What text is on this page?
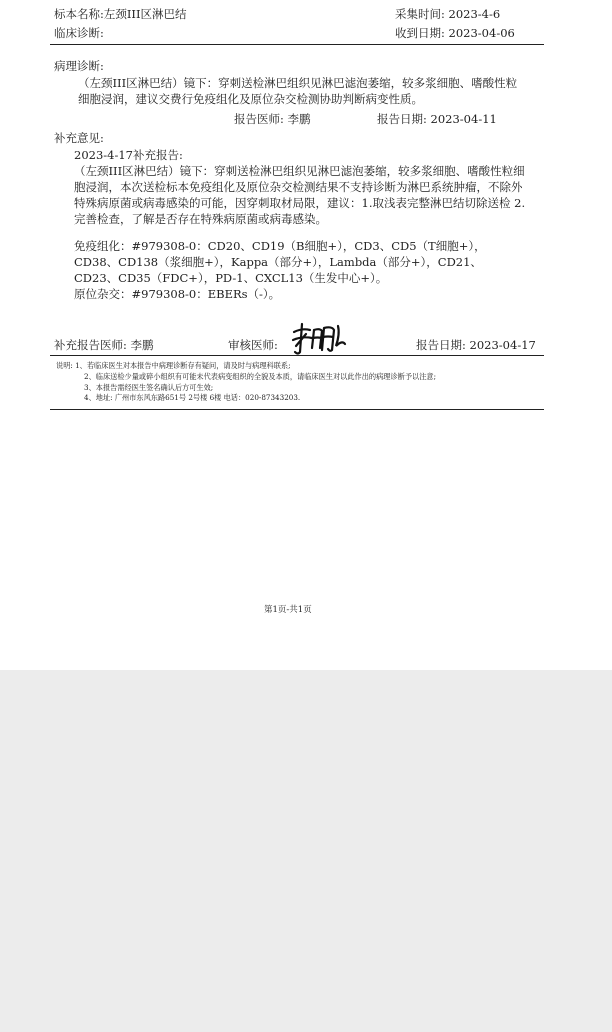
标本名称:左颈III区淋巴结	采集时间: 2023-4-6
临床诊断:	收到日期: 2023-04-06
病理诊断:
（左颈III区淋巴结）镜下：穿刺送检淋巴组织见淋巴滤泡萎缩，较多浆细胞、嗜酸性粒细胞浸润，建议交费行免疫组化及原位杂交检测协助判断病变性质。
报告医师: 李鹏	报告日期: 2023-04-11
补充意见:
2023-4-17补充报告:
（左颈III区淋巴结）镜下：穿刺送检淋巴组织见淋巴滤泡萎缩，较多浆细胞、嗜酸性粒细胞浸润，本次送检标本免疫组化及原位杂交检测结果不支持诊断为淋巴系统肿瘤，不除外特殊病原菌或病毒感染的可能，因穿刺取材局限，建议：1.取浅表完整淋巴结切除送检 2.完善检查，了解是否存在特殊病原菌或病毒感染。
免疫组化：#979308-0：CD20、CD19（B细胞+），CD3、CD5（T细胞+），CD38、CD138（浆细胞+），Kappa（部分+），Lambda（部分+），CD21、CD23、CD35（FDC+），PD-1、CXCL13（生发中心+）。
原位杂交：#979308-0：EBERs（-）。
补充报告医师: 李鹏	审核医师:	报告日期: 2023-04-17
说明: 1、若临床医生对本报告中病理诊断存有疑问，请及时与病理科联系;
2、临床送检少量或碎小组织有可能未代表病变组织的全貌及本质，请临床医生对以此作出的病理诊断予以注意;
3、本报告需经医生签名确认后方可生效;
4、地址: 广州市东风东路651号 2号楼 6楼 电话：020-87343203.
第1页-共1页
